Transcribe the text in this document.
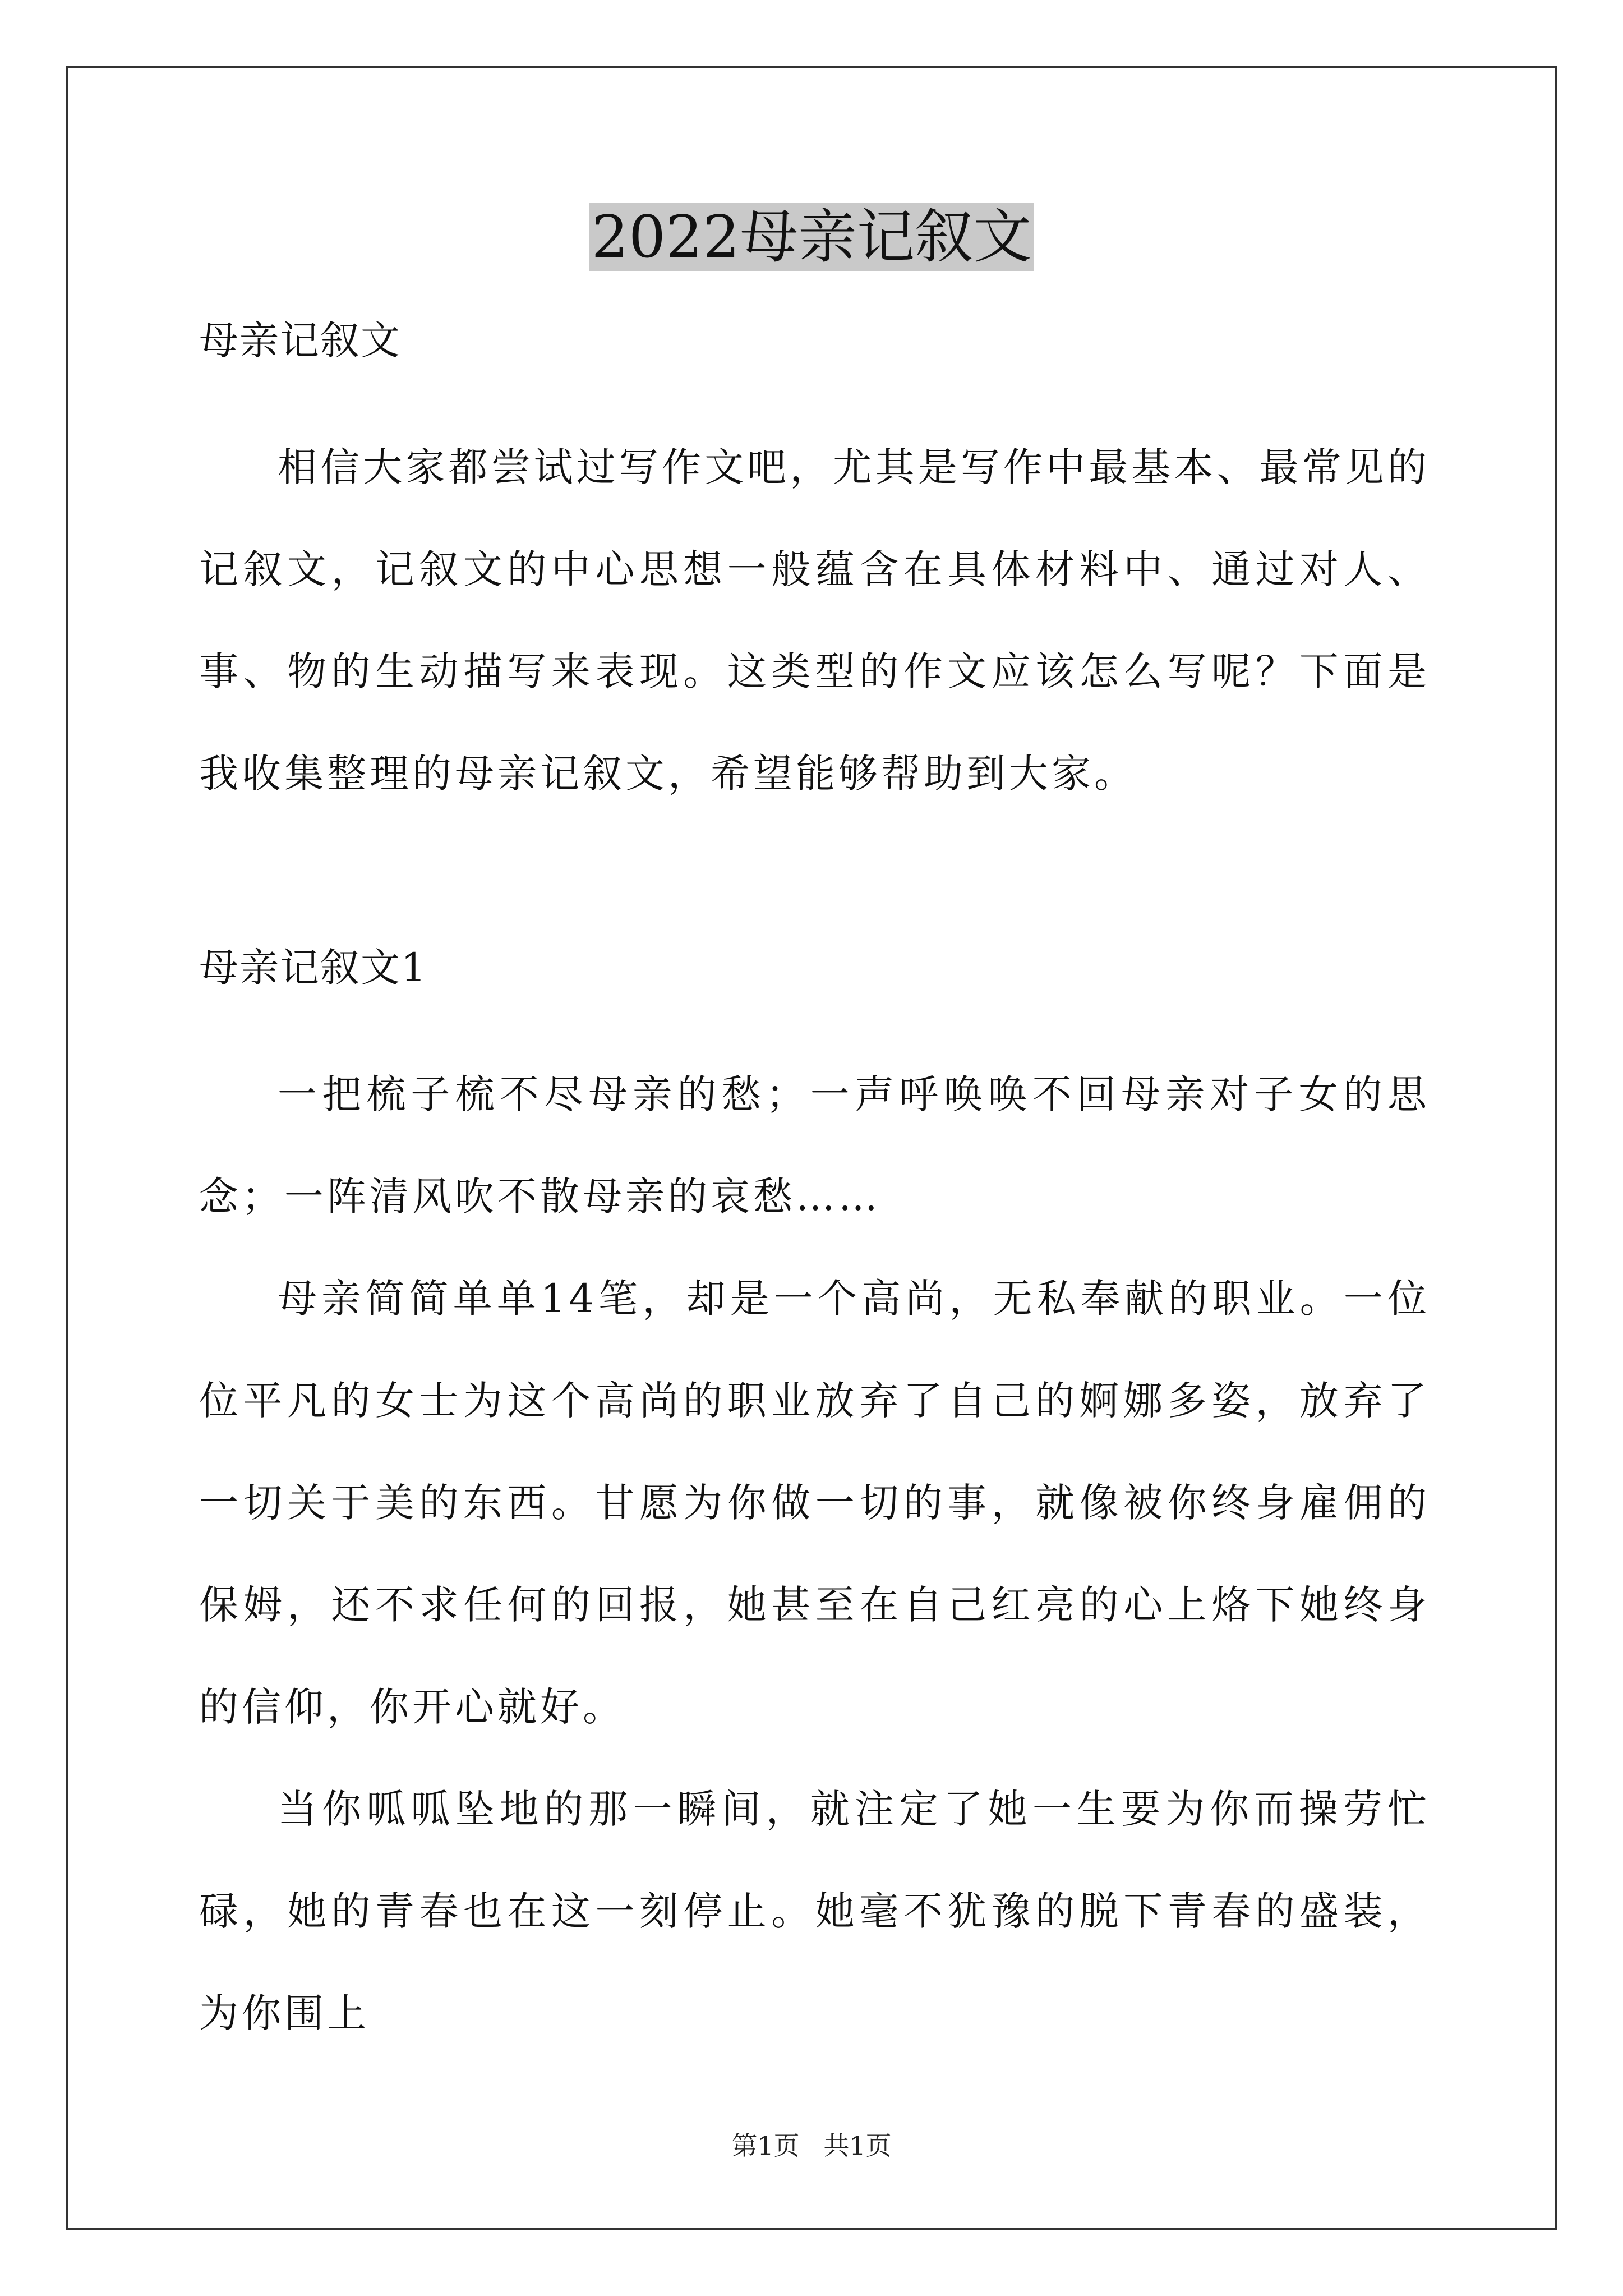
2022母亲记叙文

母亲记叙文

相信大家都尝试过写作文吧，尤其是写作中最基本、最常见的记叙文，记叙文的中心思想一般蕴含在具体材料中、通过对人、事、物的生动描写来表现。这类型的作文应该怎么写呢？下面是我收集整理的母亲记叙文，希望能够帮助到大家。

母亲记叙文1

一把梳子梳不尽母亲的愁；一声呼唤唤不回母亲对子女的思念；一阵清风吹不散母亲的哀愁……

母亲简简单单14笔，却是一个高尚，无私奉献的职业。一位位平凡的女士为这个高尚的职业放弃了自己的婀娜多姿，放弃了一切关于美的东西。甘愿为你做一切的事，就像被你终身雇佣的保姆，还不求任何的回报，她甚至在自己红亮的心上烙下她终身的信仰，你开心就好。

当你呱呱坠地的那一瞬间，就注定了她一生要为你而操劳忙碌，她的青春也在这一刻停止。她毫不犹豫的脱下青春的盛装，为你围上

第1页 共1页
